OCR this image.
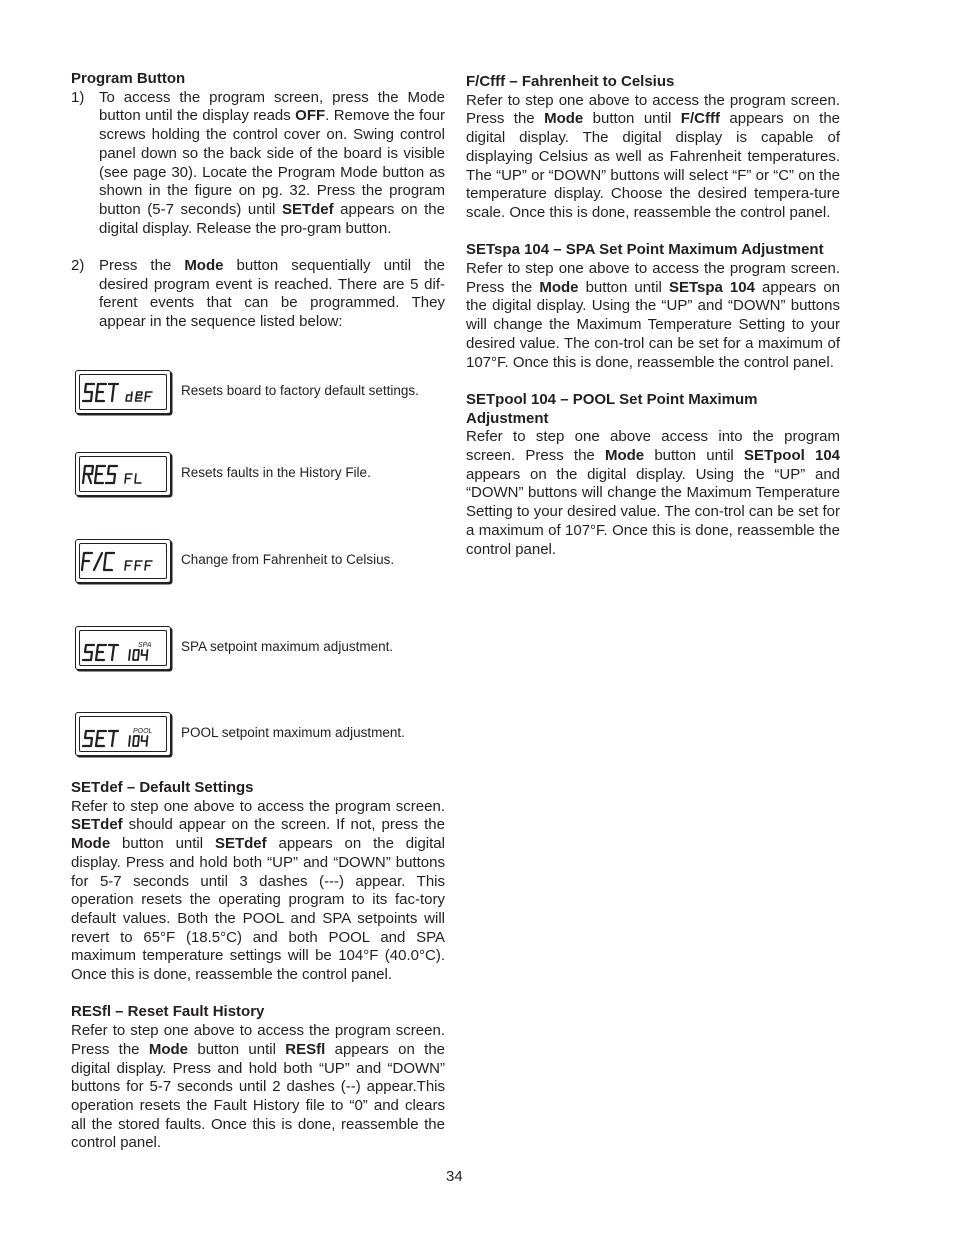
Program Button

1) To access the program screen, press the Mode button until the display reads OFF. Remove the four screws holding the control cover on. Swing control panel down so the back side of the board is visible (see page 30). Locate the Program Mode button as shown in the figure on pg. 32. Press the program button (5-7 seconds) until SETdef appears on the digital display. Release the pro-gram button.
2) Press the Mode button sequentially until the desired program event is reached. There are 5 dif-ferent events that can be programmed. They appear in the sequence listed below:
Resets board to factory default settings.
Resets faults in the History File.
Change from Fahrenheit to Celsius.
SPA SPA setpoint maximum adjustment.
POOL POOL setpoint maximum adjustment.

SETdef – Default Settings

Refer to step one above to access the program screen. SETdef should appear on the screen. If not, press the Mode button until SETdef appears on the digital display. Press and hold both “UP” and “DOWN” buttons for 5-7 seconds until 3 dashes (---) appear. This operation resets the operating program to its fac-tory default values. Both the POOL and SPA setpoints will revert to 65°F (18.5°C) and both POOL and SPA maximum temperature settings will be 104°F (40.0°C). Once this is done, reassemble the control panel.

RESfl – Reset Fault History

Refer to step one above to access the program screen. Press the Mode button until RESfl appears on the digital display. Press and hold both “UP” and “DOWN” buttons for 5-7 seconds until 2 dashes (--) appear.This operation resets the Fault History file to “0” and clears all the stored faults. Once this is done, reassemble the control panel.

F/Cfff – Fahrenheit to Celsius

Refer to step one above to access the program screen. Press the Mode button until F/Cfff appears on the digital display. The digital display is capable of displaying Celsius as well as Fahrenheit temperatures. The “UP” or “DOWN” buttons will select “F” or “C” on the temperature display. Choose the desired tempera-ture scale. Once this is done, reassemble the control panel.

SETspa 104 – SPA Set Point Maximum Adjustment

Refer to step one above to access the program screen. Press the Mode button until SETspa 104 appears on the digital display. Using the “UP” and “DOWN” buttons will change the Maximum Temperature Setting to your desired value. The con-trol can be set for a maximum of 107°F. Once this is done, reassemble the control panel.

SETpool 104 – POOL Set Point Maximum Adjustment

Refer to step one above access into the program screen. Press the Mode button until SETpool 104 appears on the digital display. Using the “UP” and “DOWN” buttons will change the Maximum Temperature Setting to your desired value. The con-trol can be set for a maximum of 107°F. Once this is done, reassemble the control panel.

34
